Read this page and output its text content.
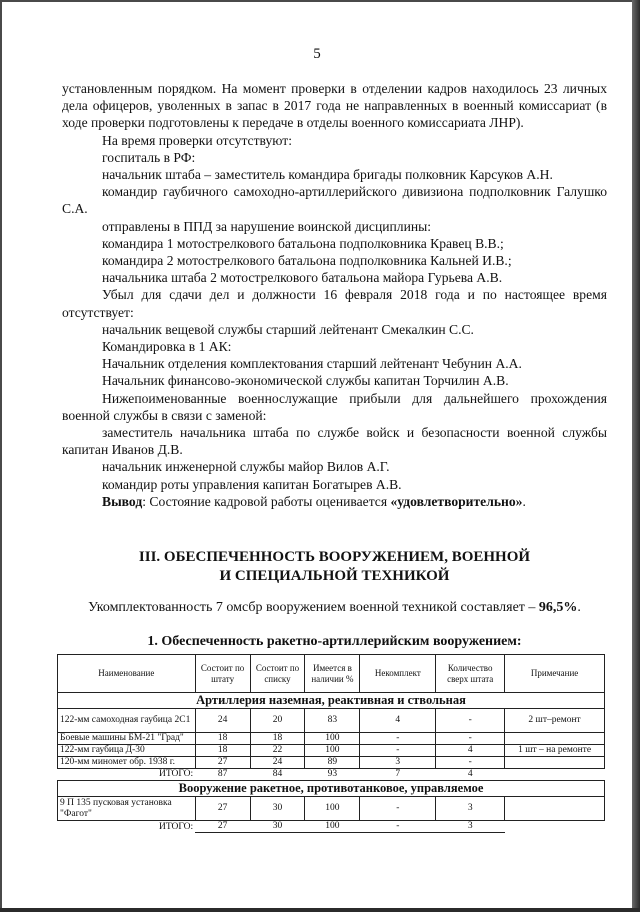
5

установленным порядком. На момент проверки в отделении кадров находилось 23 личных дела офицеров, уволенных в запас в 2017 года не направленных в военный комиссариат (в ходе проверки подготовлены к передаче в отделы военного комиссариата ЛНР).

На время проверки отсутствуют:

госпиталь в РФ:

начальник штаба – заместитель командира бригады полковник Карсуков А.Н.

командир гаубичного самоходно-артиллерийского дивизиона подполковник Галушко С.А.

отправлены в ППД за нарушение воинской дисциплины:

командира 1 мотострелкового батальона подполковника Кравец В.В.;

командира 2 мотострелкового батальона подполковника Кальней И.В.;

начальника штаба 2 мотострелкового батальона майора Гурьева А.В.

Убыл для сдачи дел и должности 16 февраля 2018 года и по настоящее время отсутствует:

начальник вещевой службы старший лейтенант Смекалкин С.С.

Командировка в 1 АК:

Начальник отделения комплектования старший лейтенант Чебунин А.А.

Начальник финансово-экономической службы капитан Торчилин А.В.

Нижепоименованные военнослужащие прибыли для дальнейшего прохождения военной службы в связи с заменой:

заместитель начальника штаба по службе войск и безопасности военной службы капитан Иванов Д.В.

начальник инженерной службы майор Вилов А.Г.

командир роты управления капитан Богатырев А.В.

Вывод: Состояние кадровой работы оценивается «удовлетворительно».

III. ОБЕСПЕЧЕННОСТЬ ВООРУЖЕНИЕМ, ВОЕННОЙ
И СПЕЦИАЛЬНОЙ ТЕХНИКОЙ
Укомплектованность 7 омсбр вооружением военной техникой составляет – 96,5%.
1. Обеспеченность ракетно-артиллерийским вооружением:
Наименование	Состоит по штату	Состоит по списку	Имеется в наличии %	Некомплект	Количество сверх штата	Примечание
Артиллерия наземная, реактивная и ствольная						
122-мм самоходная гаубица 2С1	24	20	83	4	-	2 шт–ремонт
Боевые машины БМ-21 "Град"	18	18	100	-	-	
122-мм гаубица Д-30	18	22	100	-	4	1 шт – на ремонте
120-мм миномет обр. 1938 г.	27	24	89	3	-	
ИТОГО:	87	84	93	7	4	
Вооружение ракетное, противотанковое, управляемое						
9 П 135 пусковая установка "Фагот"	27	30	100	-	3	
ИТОГО:	27	30	100	-	3	
